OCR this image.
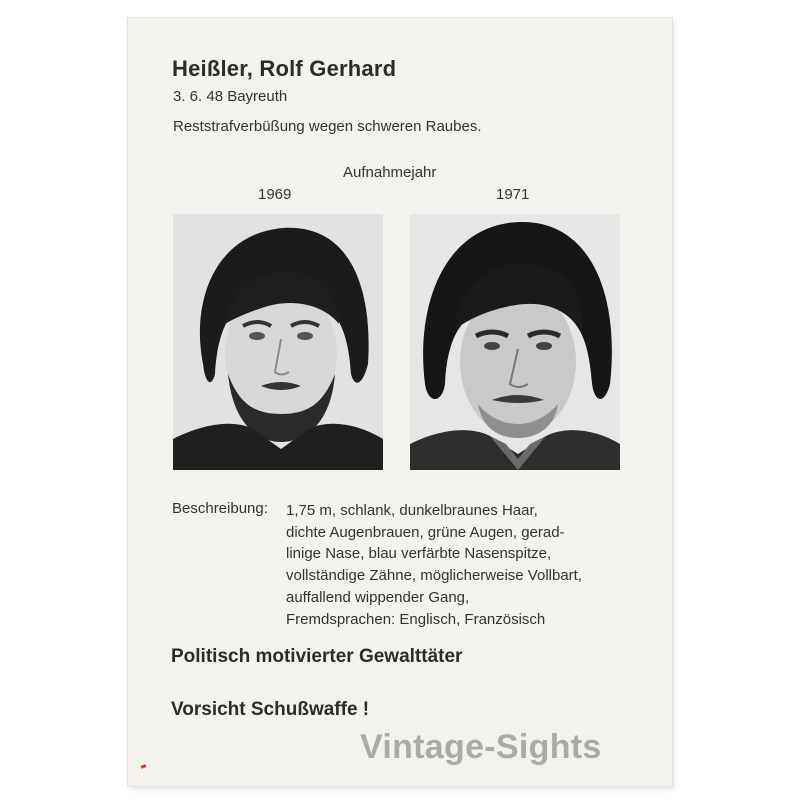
Heißler, Rolf Gerhard
3. 6. 48 Bayreuth
Reststrafverbüßung wegen schweren Raubes.
Aufnahmejahr
1969	1971
Beschreibung: 1,75 m, schlank, dunkelbraunes Haar,
dichte Augenbrauen, grüne Augen, gerad-
linige Nase, blau verfärbte Nasenspitze,
vollständige Zähne, möglicherweise Vollbart,
auffallend wippender Gang,
Fremdsprachen: Englisch, Französisch
Politisch motivierter Gewalttäter
Vorsicht Schußwaffe !
Vintage-Sights
